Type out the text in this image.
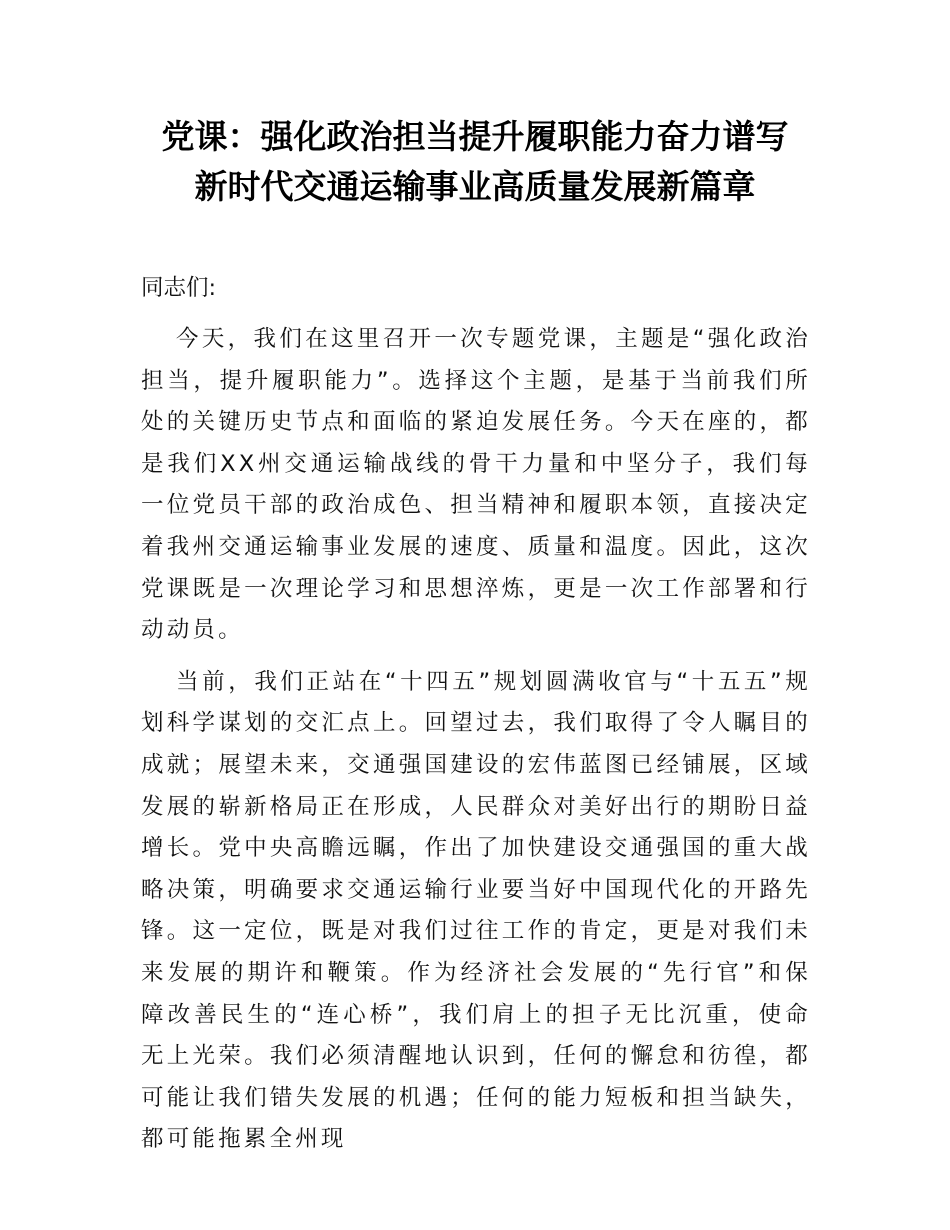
党课：强化政治担当提升履职能力奋力谱写
新时代交通运输事业高质量发展新篇章

同志们:

今天，我们在这里召开一次专题党课，主题是“强化政治担当，提升履职能力”。选择这个主题，是基于当前我们所处的关键历史节点和面临的紧迫发展任务。今天在座的，都是我们XX州交通运输战线的骨干力量和中坚分子，我们每一位党员干部的政治成色、担当精神和履职本领，直接决定着我州交通运输事业发展的速度、质量和温度。因此，这次党课既是一次理论学习和思想淬炼，更是一次工作部署和行动动员。

当前，我们正站在“十四五”规划圆满收官与“十五五”规划科学谋划的交汇点上。回望过去，我们取得了令人瞩目的成就；展望未来，交通强国建设的宏伟蓝图已经铺展，区域发展的崭新格局正在形成，人民群众对美好出行的期盼日益增长。党中央高瞻远瞩，作出了加快建设交通强国的重大战略决策，明确要求交通运输行业要当好中国现代化的开路先锋。这一定位，既是对我们过往工作的肯定，更是对我们未来发展的期许和鞭策。作为经济社会发展的“先行官”和保障改善民生的“连心桥”，我们肩上的担子无比沉重，使命无上光荣。我们必须清醒地认识到，任何的懈怠和彷徨，都可能让我们错失发展的机遇；任何的能力短板和担当缺失，都可能拖累全州现
